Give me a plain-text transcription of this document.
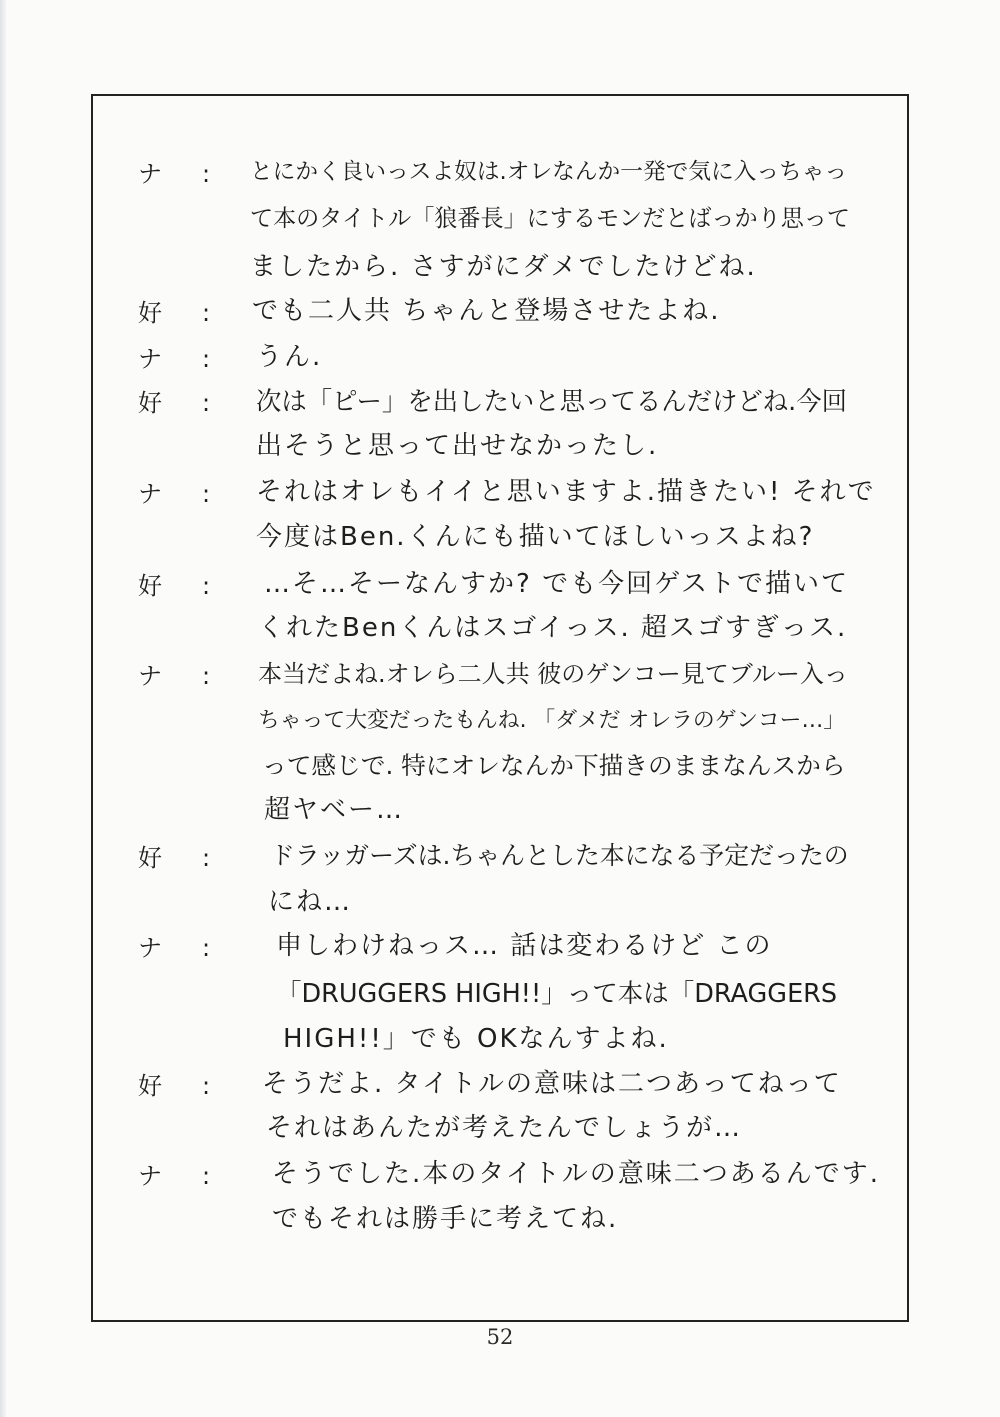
ナ : とにかく良いっスよ奴は.オレなんか一発で気に入っちゃっ
て本のタイトル「狼番長」にするモンだとばっかり思って
ましたから. さすがにダメでしたけどね.
好 : でも二人共 ちゃんと登場させたよね.
ナ : うん.
好 : 次は「ピー」を出したいと思ってるんだけどね.今回
出そうと思って出せなかったし.
ナ : それはオレもイイと思いますよ.描きたい! それで
今度はBen.くんにも描いてほしいっスよね?
好 : …そ…そーなんすか? でも今回ゲストで描いて
くれたBenくんはスゴイっス. 超スゴすぎっス.
ナ : 本当だよね.オレら二人共 彼のゲンコー見てブルー入っ
ちゃって大変だったもんね. 「ダメだ オレラのゲンコー…」
って感じで. 特にオレなんか下描きのままなんスから
超ヤベー…
好 : ドラッガーズは.ちゃんとした本になる予定だったの
にね…
ナ :	申しわけねっス… 話は変わるけど この
「DRUGGERS HIGH!!」って本は「DRAGGERS
HIGH!!」でも OKなんすよね.
好 : そうだよ. タイトルの意味は二つあってねって
それはあんたが考えたんでしょうが…
ナ : そうでした.本のタイトルの意味二つあるんです.
でもそれは勝手に考えてね.
52
